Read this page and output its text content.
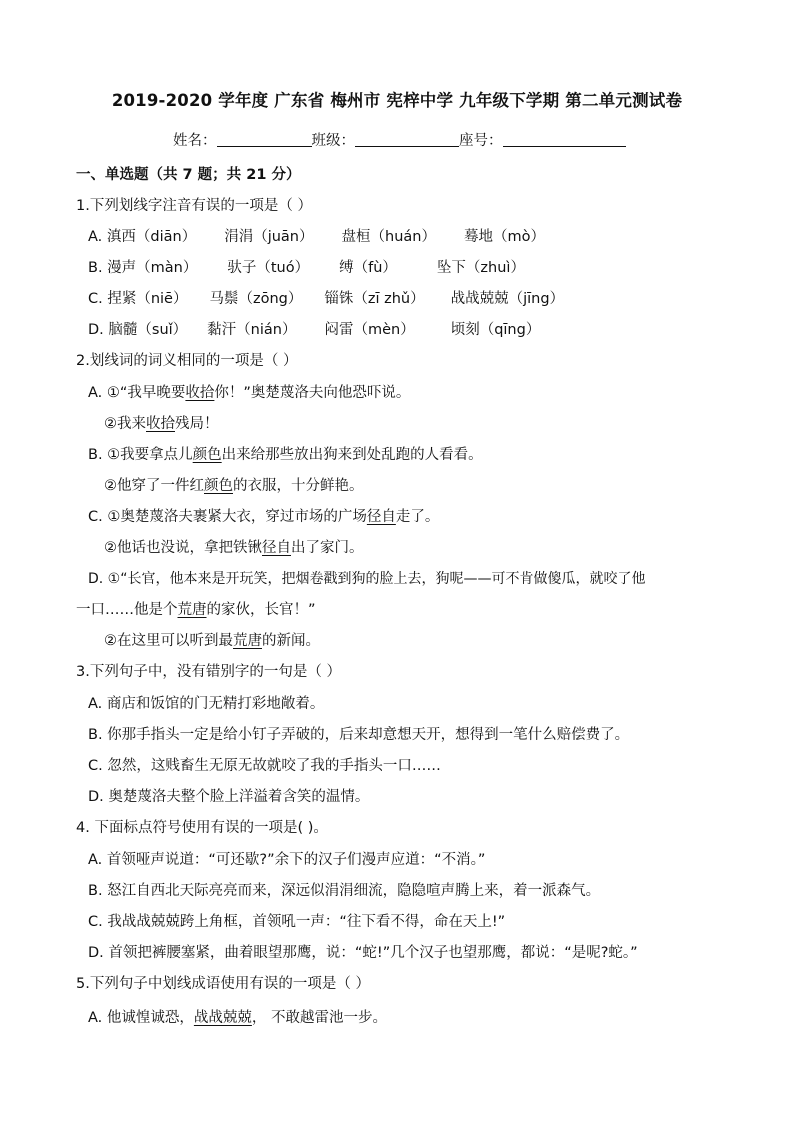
2019-2020 学年度 广东省 梅州市 宪梓中学 九年级下学期 第二单元测试卷
姓名：	班级：	座号：
一、单选题（共 7 题；共 21 分）
1.下列划线字注音有误的一项是（ ）
A. 滇西（diān） 涓涓（juān） 盘桓（huán） 蓦地（mò）
B. 漫声（màn） 驮子（tuó） 缚（fù）	坠下（zhuì）
C. 捏紧（niē） 马鬃（zōng） 锱铢（zī zhǔ） 战战兢兢（jīng）
D. 脑髓（suǐ） 黏汗（nián） 闷雷（mèn） 顷刻（qīng）
2.划线词的词义相同的一项是（ ）
A. ①“我早晚要收拾你！”奥楚蔑洛夫向他恐吓说。
②我来收拾残局！
B. ①我要拿点儿颜色出来给那些放出狗来到处乱跑的人看看。
②他穿了一件红颜色的衣服，十分鲜艳。
C. ①奥楚蔑洛夫裹紧大衣，穿过市场的广场径自走了。
②他话也没说，拿把铁锹径自出了家门。
D. ①“长官，他本来是开玩笑，把烟卷戳到狗的脸上去，狗呢——可不肯做傻瓜，就咬了他
一口……他是个荒唐的家伙，长官！”
②在这里可以听到最荒唐的新闻。
3.下列句子中，没有错别字的一句是（ ）
A. 商店和饭馆的门无精打彩地敞着。
B. 你那手指头一定是给小钉子弄破的，后来却意想天开，想得到一笔什么赔偿费了。
C. 忽然，这贱畜生无原无故就咬了我的手指头一口……
D. 奥楚蔑洛夫整个脸上洋溢着含笑的温情。
4. 下面标点符号使用有误的一项是( )。
A. 首领哑声说道：“可还歇?”余下的汉子们漫声应道：“不消。”
B. 怒江自西北天际亮亮而来，深远似涓涓细流，隐隐喧声腾上来，着一派森气。
C. 我战战兢兢跨上角框，首领吼一声：“往下看不得，命在天上!”
D. 首领把裤腰塞紧，曲着眼望那鹰，说：“蛇!”几个汉子也望那鹰，都说：“是呢?蛇。”
5.下列句子中划线成语使用有误的一项是（ ）
A. 他诚惶诚恐，战战兢兢， 不敢越雷池一步。
